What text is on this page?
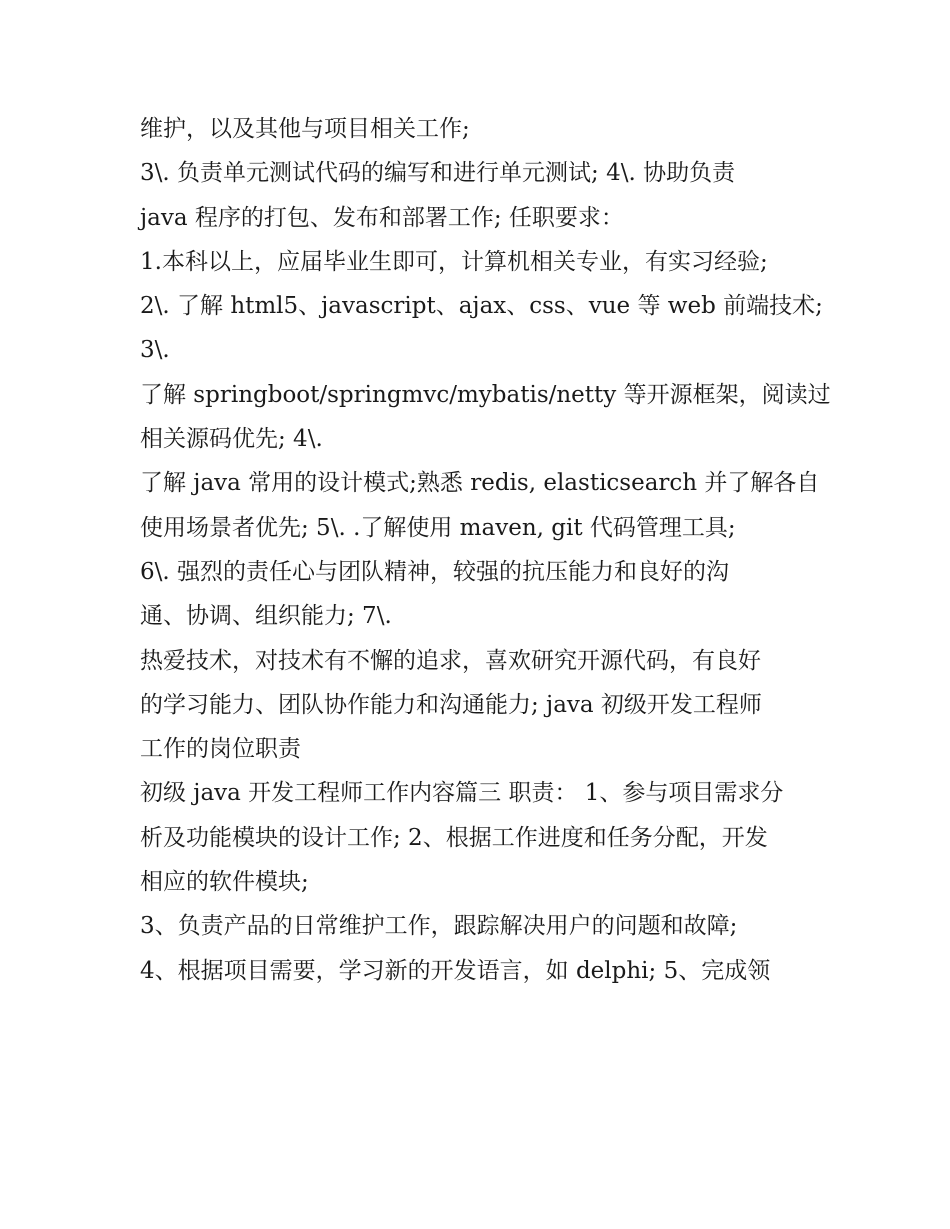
维护，以及其他与项目相关工作;

3\. 负责单元测试代码的编写和进行单元测试; 4\. 协助负责

java 程序的打包、发布和部署工作; 任职要求：

1.本科以上，应届毕业生即可，计算机相关专业，有实习经验;

2\. 了解 html5、javascript、ajax、css、vue 等 web 前端技术;

3\.

了解 springboot/springmvc/mybatis/netty 等开源框架，阅读过

相关源码优先; 4\.

了解 java 常用的设计模式;熟悉 redis, elasticsearch 并了解各自

使用场景者优先; 5\. .了解使用 maven, git 代码管理工具;

6\. 强烈的责任心与团队精神，较强的抗压能力和良好的沟

通、协调、组织能力; 7\.

热爱技术，对技术有不懈的追求，喜欢研究开源代码，有良好

的学习能力、团队协作能力和沟通能力; java 初级开发工程师

工作的岗位职责

初级 java 开发工程师工作内容篇三 职责： 1、参与项目需求分

析及功能模块的设计工作; 2、根据工作进度和任务分配，开发

相应的软件模块;

3、负责产品的日常维护工作，跟踪解决用户的问题和故障;

4、根据项目需要，学习新的开发语言，如 delphi; 5、完成领
